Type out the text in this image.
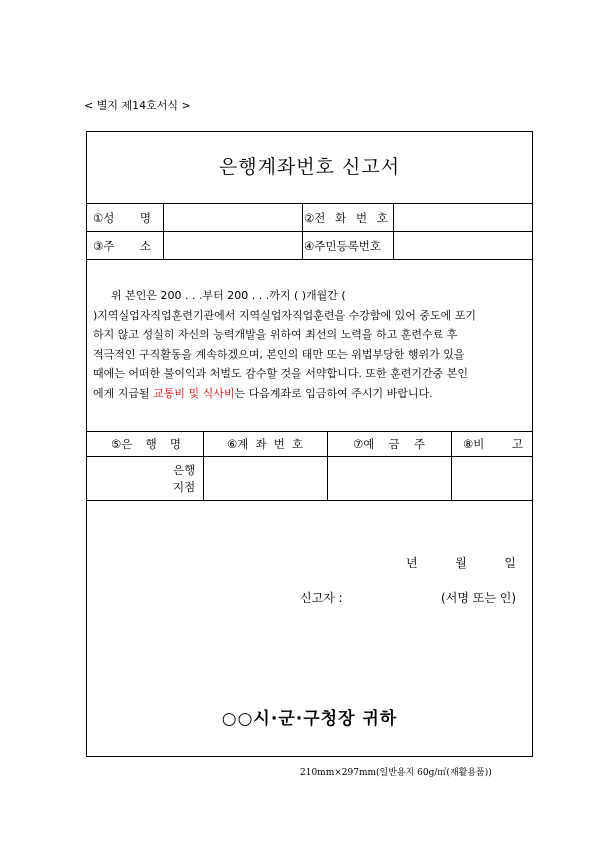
< 별지 제14호서식 >
은행계좌번호 신고서
①성 명	②전 화 번 호
③주 소	④주민등록번호
위 본인은 200 . . .부터 200 . . .까지 ( )개월간 (
)지역실업자직업훈련기관에서 지역실업자직업훈련을 수강함에 있어 중도에 포기
하지 않고 성실히 자신의 능력개발을 위하여 최선의 노력을 하고 훈련수료 후
적극적인 구직활동을 계속하겠으며, 본인의 태만 또는 위법부당한 행위가 있을
때에는 어떠한 불이익과 처벌도 감수할 것을 서약합니다. 또한 훈련기간중 본인
에게 지급될 교통비 및 식사비는 다음계좌로 입금하여 주시기 바랍니다.
⑤은 행 명	⑥계 좌 번 호	⑦예 금 주	⑧비 고
은행
지점
년	월	일
신고자 :	(서명 또는 인)
○○시·군·구청장 귀하
210mm×297mm(일반용지 60g/㎡(재활용품))
